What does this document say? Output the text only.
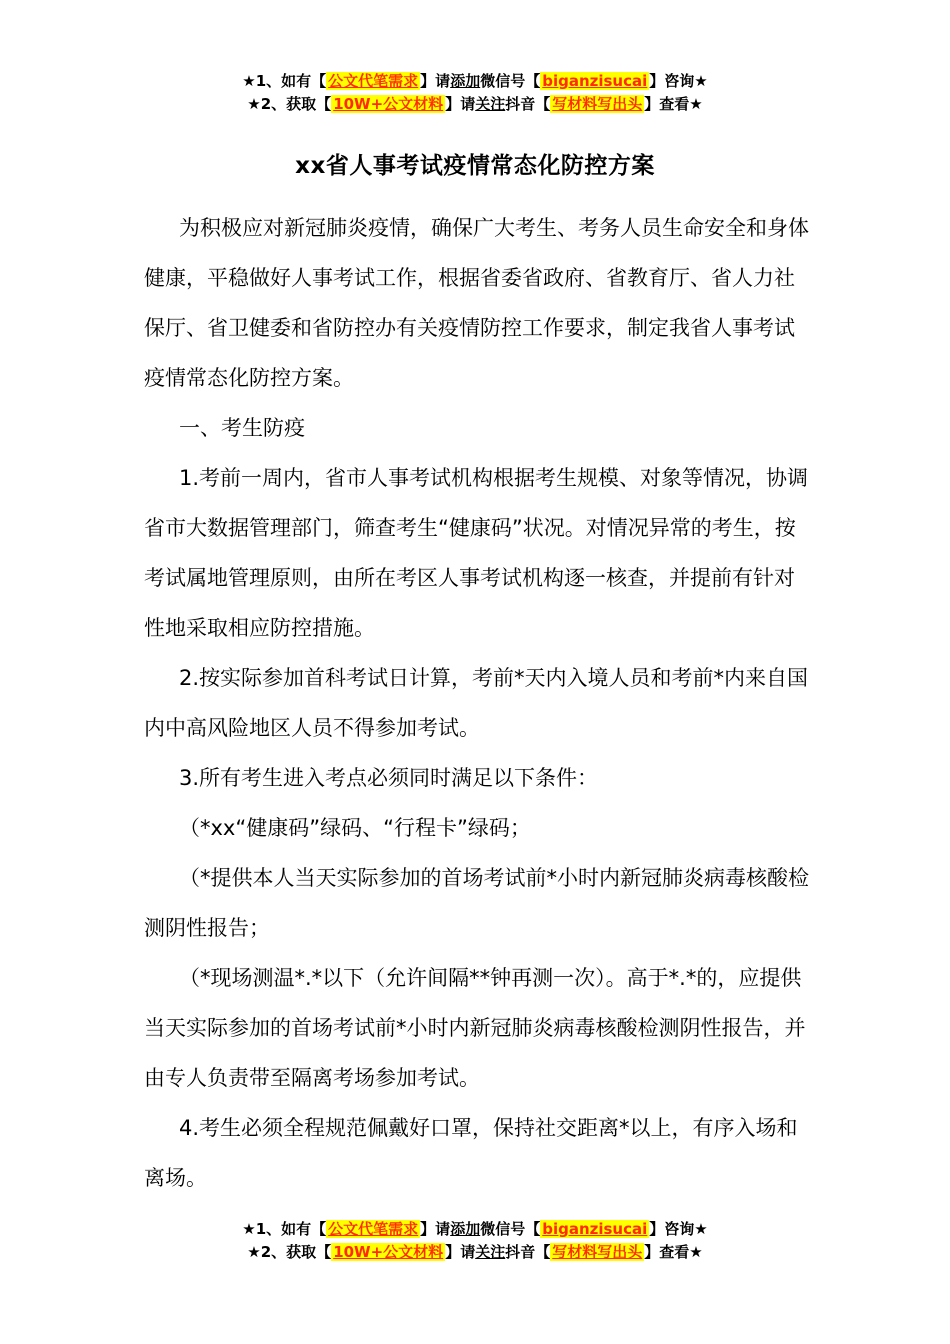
★1、如有【 公文代笔需求 】请添加微信号【 biganzisucai 】咨询★
★2、获取【 10W+公文材料 】请关注抖音【 写材料写出头 】查看★
xx省人事考试疫情常态化防控方案

为积极应对新冠肺炎疫情，确保广大考生、考务人员生命安全和身体健康，平稳做好人事考试工作，根据省委省政府、省教育厅、省人力社保厅、省卫健委和省防控办有关疫情防控工作要求，制定我省人事考试疫情常态化防控方案。

一、考生防疫

1.考前一周内，省市人事考试机构根据考生规模、对象等情况，协调省市大数据管理部门，筛查考生“健康码”状况。对情况异常的考生，按考试属地管理原则，由所在考区人事考试机构逐一核查，并提前有针对性地采取相应防控措施。

2.按实际参加首科考试日计算，考前*天内入境人员和考前*内来自国内中高风险地区人员不得参加考试。

3.所有考生进入考点必须同时满足以下条件：

（*xx“健康码”绿码、“行程卡”绿码；

（*提供本人当天实际参加的首场考试前*小时内新冠肺炎病毒核酸检测阴性报告；

（*现场测温*.*以下（允许间隔**钟再测一次）。高于*.*的，应提供当天实际参加的首场考试前*小时内新冠肺炎病毒核酸检测阴性报告，并由专人负责带至隔离考场参加考试。

4.考生必须全程规范佩戴好口罩，保持社交距离*以上，有序入场和离场。

★1、如有【 公文代笔需求 】请添加微信号【 biganzisucai 】咨询★
★2、获取【 10W+公文材料 】请关注抖音【 写材料写出头 】查看★
